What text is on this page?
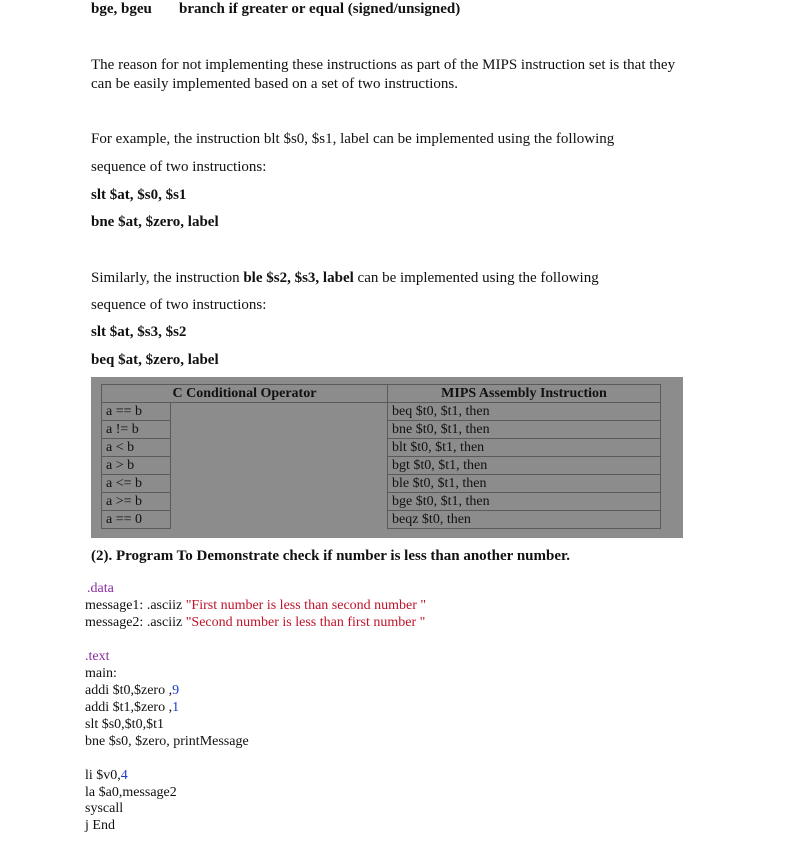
bge, bgeu branch if greater or equal (signed/unsigned)
The reason for not implementing these instructions as part of the MIPS instruction set is that they
can be easily implemented based on a set of two instructions.
For example, the instruction blt $s0, $s1, label can be implemented using the following
sequence of two instructions:
slt $at, $s0, $s1
bne $at, $zero, label
Similarly, the instruction ble $s2, $s3, label can be implemented using the following
sequence of two instructions:
slt $at, $s3, $s2
beq $at, $zero, label
C Conditional Operator		MIPS Assembly Instruction
a == b		beq $t0, $t1, then
a != b		bne $t0, $t1, then
a < b		blt $t0, $t1, then
a > b		bgt $t0, $t1, then
a <= b		ble $t0, $t1, then
a >= b		bge $t0, $t1, then
a == 0		beqz $t0, then
(2). Program To Demonstrate check if number is less than another number.
.data
message1: .asciiz "First number is less than second number "
message2: .asciiz "Second number is less than first number "
.text
main:
addi $t0,$zero ,9
addi $t1,$zero ,1
slt $s0,$t0,$t1
bne $s0, $zero, printMessage
li $v0,4
la $a0,message2
syscall
j End
